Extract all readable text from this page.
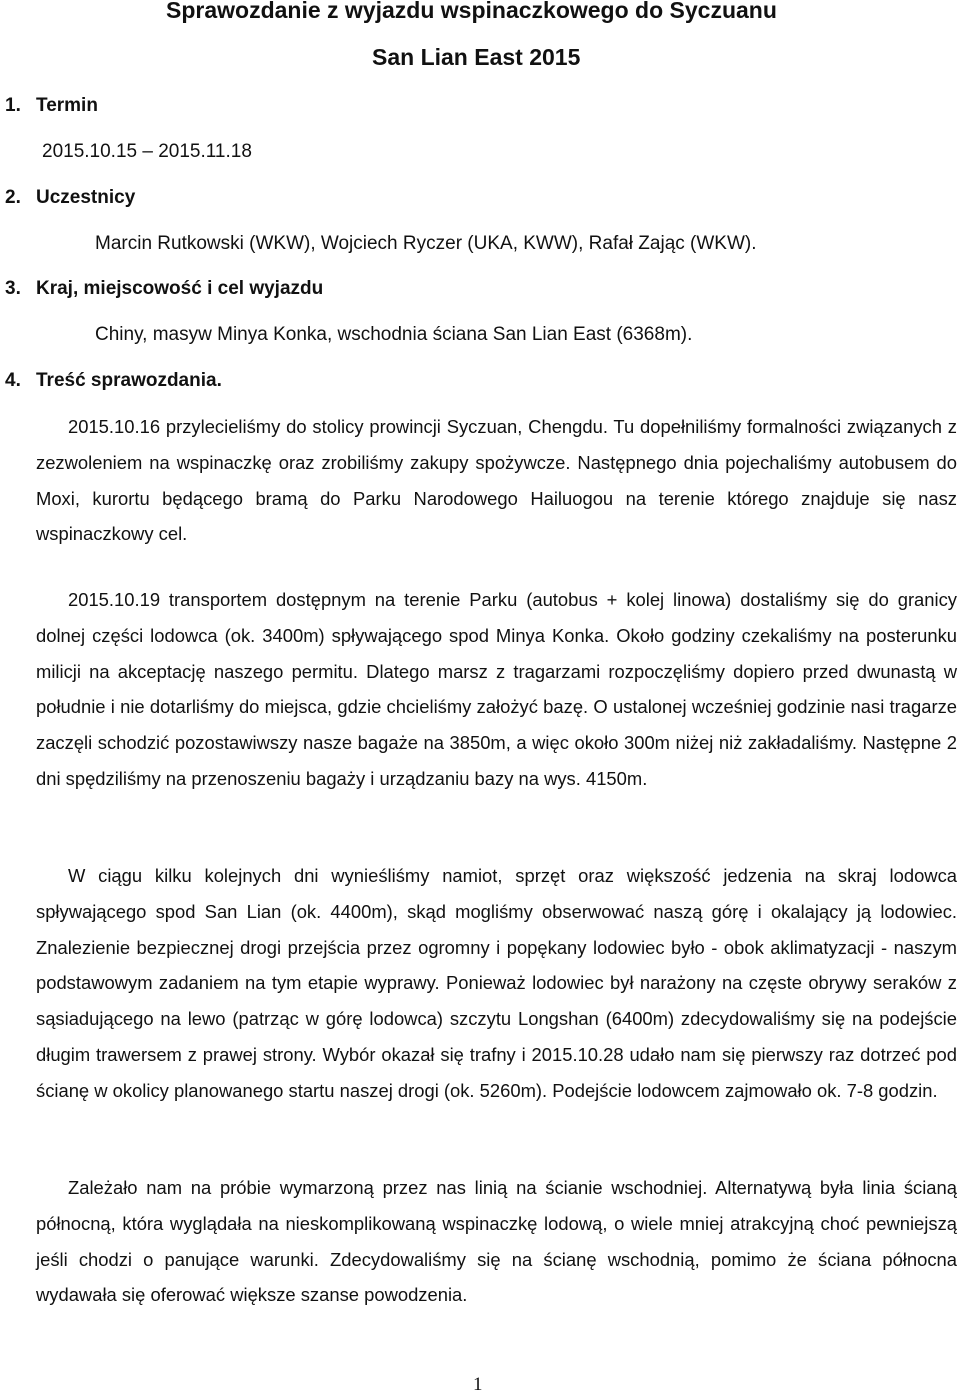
Sprawozdanie z wyjazdu wspinaczkowego do Syczuanu
San Lian East 2015
1. Termin
2015.10.15 – 2015.11.18
2. Uczestnicy
Marcin Rutkowski (WKW), Wojciech Ryczer (UKA, KWW), Rafał Zając (WKW).
3. Kraj, miejscowość i cel wyjazdu
Chiny, masyw Minya Konka, wschodnia ściana San Lian East (6368m).
4. Treść sprawozdania.

2015.10.16 przylecieliśmy do stolicy prowincji Syczuan, Chengdu. Tu dopełniliśmy formalności związanych z zezwoleniem na wspinaczkę oraz zrobiliśmy zakupy spożywcze. Następnego dnia pojechaliśmy autobusem do Moxi, kurortu będącego bramą do Parku Narodowego Hailuogou na terenie którego znajduje się nasz wspinaczkowy cel.

2015.10.19 transportem dostępnym na terenie Parku (autobus + kolej linowa) dostaliśmy się do granicy dolnej części lodowca (ok. 3400m) spływającego spod Minya Konka. Około godziny czekaliśmy na posterunku milicji na akceptację naszego permitu. Dlatego marsz z tragarzami rozpoczęliśmy dopiero przed dwunastą w południe i nie dotarliśmy do miejsca, gdzie chcieliśmy założyć bazę. O ustalonej wcześniej godzinie nasi tragarze zaczęli schodzić pozostawiwszy nasze bagaże na 3850m, a więc około 300m niżej niż zakładaliśmy. Następne 2 dni spędziliśmy na przenoszeniu bagaży i urządzaniu bazy na wys. 4150m.

W ciągu kilku kolejnych dni wynieśliśmy namiot, sprzęt oraz większość jedzenia na skraj lodowca spływającego spod San Lian (ok. 4400m), skąd mogliśmy obserwować naszą górę i okalający ją lodowiec. Znalezienie bezpiecznej drogi przejścia przez ogromny i popękany lodowiec było - obok aklimatyzacji - naszym podstawowym zadaniem na tym etapie wyprawy. Ponieważ lodowiec był narażony na częste obrywy seraków z sąsiadującego na lewo (patrząc w górę lodowca) szczytu Longshan (6400m) zdecydowaliśmy się na podejście długim trawersem z prawej strony. Wybór okazał się trafny i 2015.10.28 udało nam się pierwszy raz dotrzeć pod ścianę w okolicy planowanego startu naszej drogi (ok. 5260m). Podejście lodowcem zajmowało ok. 7-8 godzin.

Zależało nam na próbie wymarzoną przez nas linią na ścianie wschodniej. Alternatywą była linia ścianą północną, która wyglądała na nieskomplikowaną wspinaczkę lodową, o wiele mniej atrakcyjną choć pewniejszą jeśli chodzi o panujące warunki. Zdecydowaliśmy się na ścianę wschodnią, pomimo że ściana północna wydawała się oferować większe szanse powodzenia.

1
